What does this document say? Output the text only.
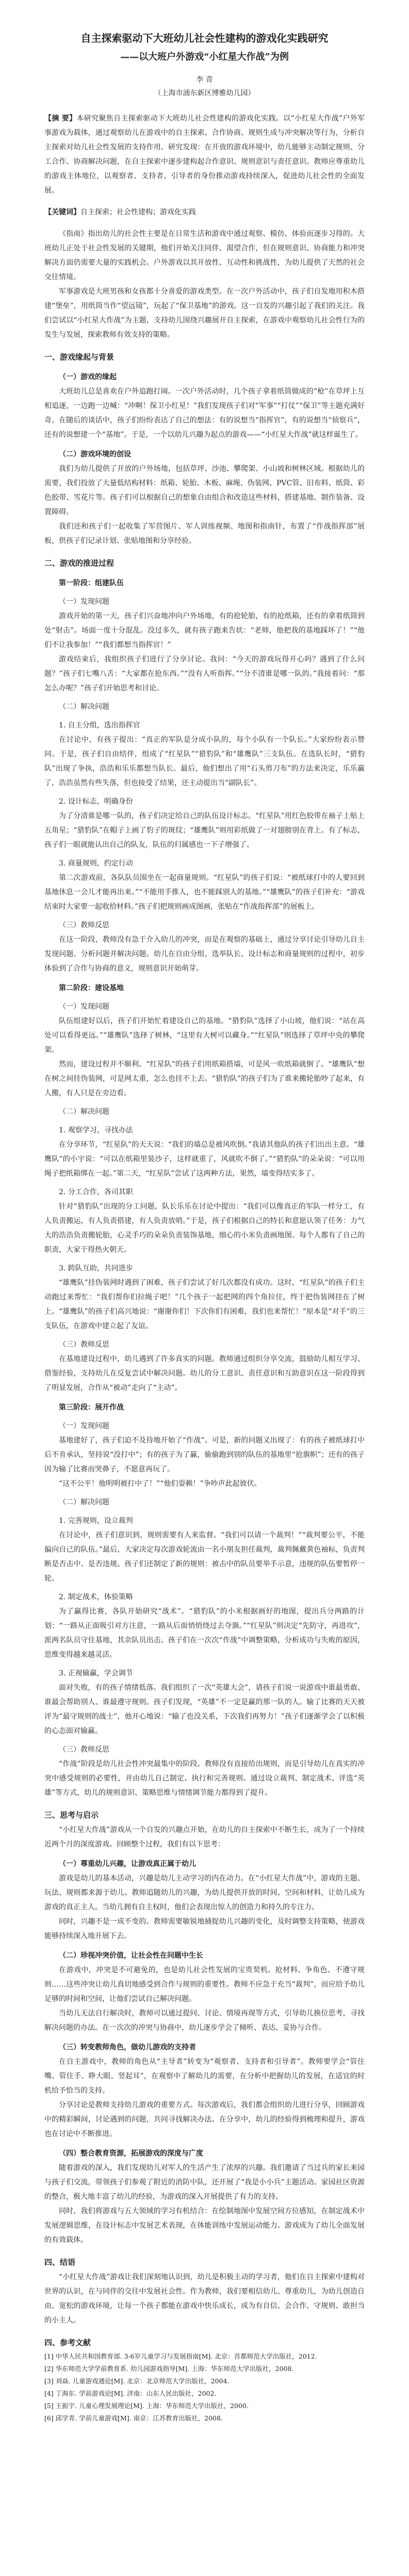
自主探索驱动下大班幼儿社会性建构的游戏化实践研究
——以大班户外游戏“小红星大作战”为例
李 青
（上海市浦东新区博雅幼儿园）
【摘 要】本研究聚焦自主探索驱动下大班幼儿社会性建构的游戏化实践。以“小红星大作战”户外军事游戏为载体，通过观察幼儿在游戏中的自主探索、合作协商、规则生成与冲突解决等行为，分析自主探索对幼儿社会性发展的支持作用。研究发现：在开放的游戏环境中，幼儿能够主动制定规则、分工合作、协商解决问题，在自主探索中逐步建构起合作意识、规则意识与责任意识。教师应尊重幼儿的游戏主体地位，以观察者、支持者、引导者的身份推动游戏持续深入，促进幼儿社会性的全面发展。
【关键词】自主探索；社会性建构；游戏化实践

《指南》指出幼儿的社会性主要是在日常生活和游戏中通过观察、模仿、体验而逐步习得的。大班幼儿正处于社会性发展的关键期，他们开始关注同伴、渴望合作，但在规则意识、协商能力和冲突解决方面仍需要大量的实践机会。户外游戏以其开放性、互动性和挑战性，为幼儿提供了天然的社会交往情境。

军事游戏是大班男孩和女孩都十分喜爱的游戏类型。在一次户外活动中，孩子们自发地用积木搭建“堡垒”，用纸筒当作“望远镜”，玩起了“保卫基地”的游戏。这一自发的兴趣引起了我们的关注。我们尝试以“小红星大作战”为主题，支持幼儿围绕兴趣展开自主探索，在游戏中观察幼儿社会性行为的发生与发展，探索教师有效支持的策略。

一、游戏缘起与背景
（一）游戏的缘起

大班幼儿总是喜欢在户外追跑打闹。一次户外活动时，几个孩子拿着纸筒做成的“枪”在草坪上互相追逐，一边跑一边喊：“冲啊！保卫小红星！”我们发现孩子们对“军事”“打仗”“保卫”等主题充满好奇。在随后的谈话中，孩子们纷纷表达了自己的想法：有的说想当“指挥官”，有的说想当“侦察兵”，还有的说想建一个“基地”。于是，一个以幼儿兴趣为起点的游戏——“小红星大作战”就这样诞生了。

（二）游戏环境的创设

我们为幼儿提供了开放的户外场地，包括草坪、沙池、攀爬架、小山坡和树林区域。根据幼儿的需要，我们投放了大量低结构材料：纸箱、轮胎、木板、麻绳、伪装网、PVC管、旧布料、纸筒、彩色胶带、雪花片等。孩子们可以根据自己的想象自由组合和改造这些材料，搭建基地、制作装备、设置障碍。

我们还和孩子们一起收集了军营图片、军人训练视频、地图和指南针，布置了“作战指挥部”展板，供孩子们记录计划、张贴地图和分享经验。

二、游戏的推进过程
第一阶段：组建队伍
（一）发现问题

游戏开始的第一天，孩子们兴奋地冲向户外场地，有的抢轮胎，有的抢纸箱，还有的拿着纸筒到处“射击”。场面一度十分混乱。没过多久，就有孩子跑来告状：“老师，他把我的基地踩坏了！”“他们不让我参加！”“我们都想当指挥官！”

游戏结束后，我组织孩子们进行了分享讨论。我问：“今天的游戏玩得开心吗？遇到了什么问题？”孩子们七嘴八舌：“大家都在抢东西。”“没有人听指挥。”“分不清谁是哪一队的。”我接着问：“那怎么办呢？”孩子们开始思考和讨论。

（二）解决问题
1. 自主分组，选出指挥官

在讨论中，有孩子提出：“真正的军队是分成小队的，每个小队有一个队长。”大家纷纷表示赞同。于是，孩子们自由结伴，组成了“红星队”“猎豹队”和“雄鹰队”三支队伍。在选队长时，“猎豹队”出现了争执，浩浩和乐乐都想当队长。最后，他们想出了用“石头剪刀布”的方法来决定，乐乐赢了，浩浩虽然有些失落，但也接受了结果，还主动提出当“副队长”。

2. 设计标志，明确身份

为了分清谁是哪一队的，孩子们决定给自己的队伍设计标志。“红星队”用红色胶带在袖子上贴上五角星；“猎豹队”在帽子上画了豹子的斑纹；“雄鹰队”则用彩纸做了一对翅膀别在背上。有了标志，孩子们一眼就能认出自己的队友，队伍的归属感也一下子增强了。

3. 商量规则，约定行动

第二次游戏前，各队队员围坐在一起商量规则。“红星队”的孩子们说：“被纸球打中的人要回到基地休息一会儿才能再出来。”“不能用手推人，也不能踩别人的基地。”“雄鹰队”的孩子们补充：“游戏结束时大家要一起收拾材料。”孩子们把规则画成图画，张贴在“作战指挥部”的展板上。

（三）教师反思

在这一阶段，教师没有急于介入幼儿的冲突，而是在观察的基础上，通过分享讨论引导幼儿自主发现问题、分析问题并解决问题。幼儿在自由分组、选举队长、设计标志和商量规则的过程中，初步体验到了合作与协商的意义，规则意识开始萌芽。

第二阶段：建设基地
（一）发现问题

队伍组建好以后，孩子们开始忙着建设自己的基地。“猎豹队”选择了小山坡，他们说：“站在高处可以看得更远。”“雄鹰队”选择了树林，“这里有大树可以藏身。”“红星队”则选择了草坪中央的攀爬架。

然而，建设过程并不顺利。“红星队”的孩子们用纸箱搭墙，可是风一吹纸箱就倒了。“雄鹰队”想在树之间挂伪装网，可是网太重，怎么也挂不上去。“猎豹队”的孩子们为了谁来搬轮胎吵了起来，有人搬，有人只是在旁边看。

（二）解决问题
1. 观察学习，寻找办法

在分享环节，“红星队”的天天说：“我们的墙总是被风吹倒。”我请其他队的孩子们出出主意。“雄鹰队”的小宇说：“可以在纸箱里装沙子，这样就重了，风就吹不倒了。”“猎豹队”的朵朵说：“可以用绳子把纸箱绑在一起。”第二天，“红星队”尝试了这两种方法，果然，墙变得结实多了。

2. 分工合作，各司其职

针对“猎豹队”出现的分工问题，队长乐乐在讨论中提出：“我们可以像真正的军队一样分工，有人负责搬运，有人负责搭建，有人负责放哨。”于是，孩子们根据自己的特长和意愿认领了任务：力气大的浩浩负责搬轮胎，心灵手巧的朵朵负责装饰基地，细心的小米负责画地图。每个人都有了自己的职责，大家干得热火朝天。

3. 跨队互助，共同进步

“雄鹰队”挂伪装网时遇到了困难，孩子们尝试了好几次都没有成功。这时，“红星队”的孩子们主动跑过来帮忙：“我们帮你们拉绳子吧！”几个孩子一起把网的四个角拉住，终于把伪装网挂在了树上。“雄鹰队”的孩子们高兴地说：“谢谢你们！下次你们有困难，我们也来帮忙！”原本是“对手”的三支队伍，在游戏中建立起了友谊。

（三）教师反思

在基地建设过程中，幼儿遇到了许多真实的问题。教师通过组织分享交流，鼓励幼儿相互学习、借鉴经验，支持幼儿在反复尝试中解决问题。幼儿的分工意识、责任意识和互助意识在这一阶段得到了明显发展，合作从“被动”走向了“主动”。

第三阶段：展开作战
（一）发现问题

基地建好了，孩子们迫不及待地开始了“作战”。可是，新的问题又出现了：有的孩子被纸球打中后不肯承认，坚持说“没打中”；有的孩子为了赢，偷偷跑到别的队伍的基地里“抢旗帜”；还有的孩子因为输了比赛而哭鼻子，不愿意再玩了。

“这不公平！他明明被打中了！”“他们耍赖！”争吵声此起彼伏。

（二）解决问题
1. 完善规则，设立裁判

在讨论中，孩子们意识到，规则需要有人来监督。“我们可以请一个裁判！”“裁判要公平，不能偏向自己的队伍。”最后，大家决定每次游戏轮流由一名小朋友担任裁判，裁判佩戴黄色袖标，负责判断是否击中、是否违规。孩子们还制定了新的规则：被击中的队员要举手示意，违规的队伍要暂停一轮。

2. 制定战术，体验策略

为了赢得比赛，各队开始研究“战术”。“猎豹队”的小米根据画好的地图，提出兵分两路的计划：“一路从正面吸引对方注意，一路从后面悄悄绕过去夺旗。”“红星队”则决定“先防守，再进攻”，派两名队员守住基地，其余队员出击。孩子们在一次次“作战”中调整策略，分析成功与失败的原因，思维变得越来越灵活。

3. 正视输赢，学会调节

面对失败，有的孩子情绪低落。我们组织了一次“英雄大会”，请孩子们说一说游戏中谁最勇敢、谁最会帮助别人、谁最遵守规则。孩子们发现，“英雄”不一定是赢的那一队的人。输了比赛的天天被评为“最守规则的战士”，他开心地说：“输了也没关系，下次我们再努力！”孩子们逐渐学会了以积极的心态面对输赢。

（三）教师反思

“作战”阶段是幼儿社会性冲突最集中的阶段。教师没有直接给出规则，而是引导幼儿在真实的冲突中感受规则的必要性，并由幼儿自己制定、执行和完善规则。通过设立裁判、制定战术、评选“英雄”等方式，幼儿的规则意识、策略思维与情绪调节能力都得到了提升。

三、思考与启示

“小红星大作战”游戏从一个自发的兴趣点开始，在幼儿的自主探索中不断生长，成为了一个持续近两个月的深度游戏。回顾整个过程，我们有以下思考：

（一）尊重幼儿兴趣，让游戏真正属于幼儿

游戏是幼儿的基本活动，兴趣是幼儿主动学习的内在动力。在“小红星大作战”中，游戏的主题、玩法、规则都来源于幼儿。教师追随幼儿的兴趣，为幼儿提供开放的时间、空间和材料，让幼儿成为游戏的真正主人。当幼儿拥有自主权时，他们会表现出惊人的创造力和持久的专注力。

同时，兴趣不是一成不变的。教师需要敏锐地捕捉幼儿兴趣的变化，及时调整支持策略，使游戏能够持续深入地开展下去。

（二）珍视冲突价值，让社会性在问题中生长

在游戏中，冲突是不可避免的，也是幼儿社会性发展的宝贵契机。抢材料、争角色、不遵守规则……这些冲突让幼儿真切地感受到合作与规则的重要性。教师不应急于充当“裁判”，而应给予幼儿足够的时间和空间，让他们尝试自己解决问题。

当幼儿无法自行解决时，教师可以通过提问、讨论、情境再现等方式，引导幼儿换位思考，寻找解决问题的办法。在一次次的冲突与协商中，幼儿逐步学会了倾听、表达、妥协与合作。

（三）转变教师角色，做幼儿游戏的支持者

在自主游戏中，教师的角色从“主导者”转变为“观察者、支持者和引导者”。教师要学会“管住嘴、管住手、睁大眼、竖起耳”，在观察中了解幼儿的需要，在分析中把握幼儿的发展，在适宜的时机给予恰当的支持。

分享讨论是教师支持幼儿游戏的重要方式。每次游戏后，我们都会组织幼儿进行分享，回顾游戏中的精彩瞬间，讨论遇到的问题，共同寻找解决办法。在分享中，幼儿的经验得到梳理和提升，游戏也在讨论中不断推进。

（四）整合教育资源，拓展游戏的深度与广度

随着游戏的深入，我们发现幼儿对军人的生活产生了浓厚的兴趣。我们邀请了当过兵的家长来园与孩子们交流，带领孩子们参观了附近的消防中队，还开展了“我是小小兵”主题活动。家园社区资源的整合，极大地丰富了幼儿的经验，为游戏的深入开展提供了有力的支持。

同时，我们将游戏与五大领域的学习有机结合：在绘制地图中发展空间方位感知，在制定战术中发展逻辑思维，在设计标志中发展艺术表现，在体能训练中发展运动能力。游戏成为了幼儿全面发展的有效载体。

四、结语

“小红星大作战”游戏让我们深刻地认识到，幼儿是积极主动的学习者，他们在自主探索中建构对世界的认识，在与同伴的交往中发展社会性。作为教师，我们要相信幼儿、尊重幼儿，为幼儿创造自由、宽松的游戏环境，让每一个孩子都能在游戏中快乐成长，成为有自信、会合作、守规则、敢担当的小主人。

四、参考文献

[1] 中华人民共和国教育部. 3-6岁儿童学习与发展指南[M]. 北京：首都师范大学出版社，2012.

[2] 华东师范大学学前教育系. 幼儿园游戏指导[M]. 上海：华东师范大学出版社，2008.

[3] 刘焱. 儿童游戏通论[M]. 北京：北京师范大学出版社，2004.

[4] 丁海东. 学前游戏论[M]. 济南：山东人民出版社，2002.

[5] 王振宇. 儿童心理发展理论[M]. 上海：华东师范大学出版社，2000.

[6] 邱学青. 学前儿童游戏[M]. 南京：江苏教育出版社，2008.
